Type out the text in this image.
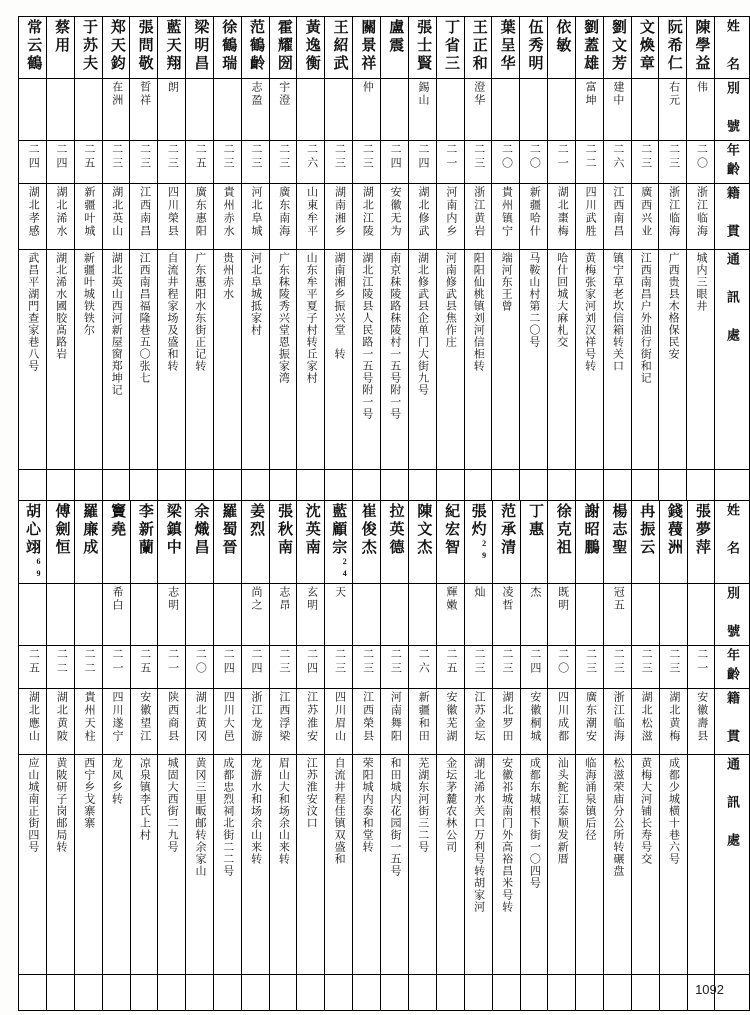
常云鶴	蔡用	于苏夫	郑天鈞	張問敬	藍天翔	梁明昌	徐鶴瑞	范鶴齡	霍耀圀	黃逸衡	王紹武	關景祥	盧震	張士賢	丁省三	王正和	葉呈华	伍秀明	依敏	劉蓋雄	劉文芳	文煥章	阮希仁	陳學益	姓　名

			在洲	晢祥	朗			志盈	宇澄			仲		錫山		澄华				富坤	建中		右元	伟	別　號

二四	二四	二五	二三	二三	二三	二五	二三	二三	二三	二六	二三	二三	二四	二四	二一	二三	二〇	二〇	二一	二二	二六	二三	二三	二〇	年齡

湖北孝感	湖北浠水	新疆叶城	湖北英山	江西南昌	四川榮县	廣东惠阳	貴州赤水	河北阜城	廣东南海	山東牟平	湖南湘乡	湖北江陵	安徽无为	湖北修武	河南内乡	浙江黄岩	貴州镇宁	新疆哈什	湖北棗梅	四川武胜	江西南昌	廣西兴业	浙江临海	浙江临海	籍　貫

武昌平湖門查家巷八号	湖北浠水國胶髙路岩	新疆叶城铁铁尔	湖北英山西河新屋窗郑坤记	江西南昌福隆巷五〇张七	自流井程家场及盛和转	广东惠阳水东街正记转	贵州赤水	河北阜城抵家村	广东秣陵秀兴堂恩振家湾	山东牟平夏子村转丘家村	湖南湘乡振兴堂　转	湖北江陵县人民路一五号附一号	南京秣陵路秣陵村一五号附一号	湖北修武县企单门大街九号	河南修武县焦作庄	阳阳仙桃镇刘河信柜转	端河东王曾	马鞍山村第二〇号	哈什回城大麻札交	黄梅张家河刘汉祥号转	镇宁草老坎信箱转关口	江西南昌户外油行街和记	广西贵县木格保民安	城内三眼井	通　訊　處

胡心翊$^{69}$	傅劍恒	羅廉成	竇堯	李新蘭	梁鎮中	余熾昌	羅蜀晉	姜烈	張秋南	沈英南	藍顧宗$^{24}$	崔俊杰	拉英德	陳文杰	紀宏智	張灼$^{29}$	范承清	丁惠	徐克祖	謝昭鵬	楊志聖	冉振云	錢薎洲	張夢萍	姓　名

			希白		志明			尚之	志昂	玄明	天				輝嫩	灿	凌哲	杰	既明		冠五				別　號

二五	二二	二二	二一	二五	二一	二〇	二四	二四	二三	二四	二三	二三	二三	二六	二五	二三	二三	二四	二〇	二三	二三	二三	二三	二一	年齡

湖北應山	湖北黄陂	貴州天柱	四川遂宁	安徽望江	陕西商县	湖北黄冈	四川大邑	浙江龙游	江西浮梁	江苏淮安	四川眉山	江西榮县	河南舞阳	新疆和田	安徽芜湖	江苏金坛	湖北罗田	安徽桐城	四川成都	廣东潮安	浙江临海	湖北松滋	湖北黄梅	安徽壽县	籍　貫

应山城南正街四号	黄陂研子岗邮局转	西宁乡戈寨寨	龙凤乡转	凉泉镇李氏上村	城固大西街二九号	黄冈三里畈邮转余家山	成都忠烈祠北街二二号	龙游水和场余山来转	眉山大和场余山来转	江苏淮安汶口	自流井程佳镇双盛和	荣阳城内泰和堂转	和田城内花园街一五号	芜湖东河街三二号	金坛茅麓农林公司	湖北浠水关口万利号转胡家河	安徽祁城南门外高裕昌米号转	成都东城根下街一〇四号	汕头鮀江泰顺发新厝	临海涌泉镇后径	松滋荣庙分公所转碾盘	黄梅大河铺长寿号交	成都少城横十巷六号		通　訊　處

1092
